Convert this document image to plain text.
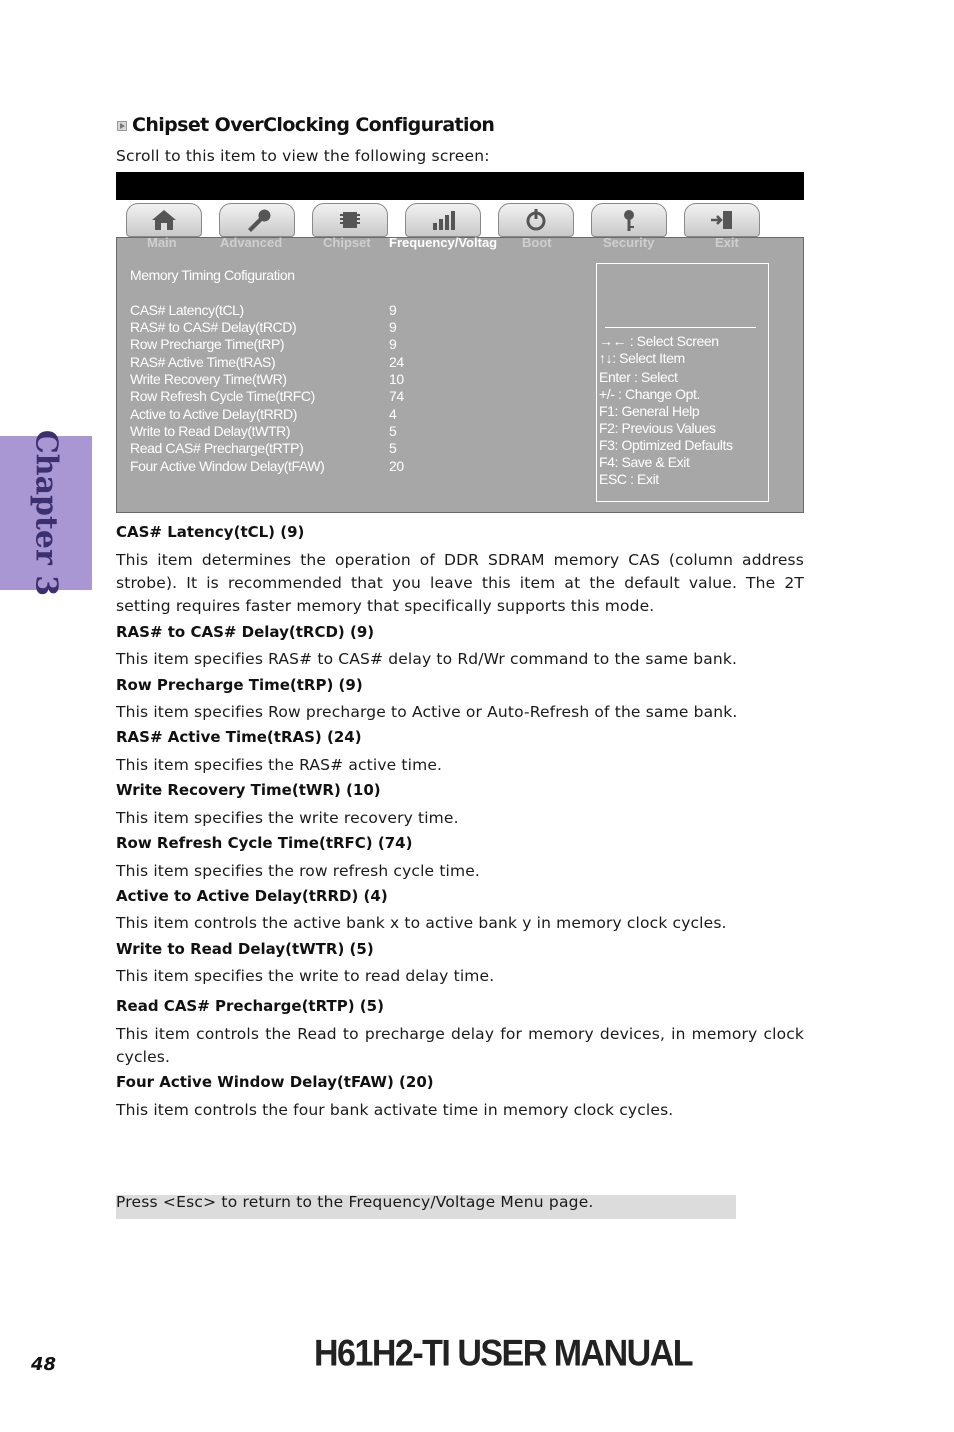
Chipset OverClocking Configuration
Scroll to this item to view the following screen:
Main	Advanced	Chipset Frequency/Voltag Boot	Security	Exit
Memory Timing Cofiguration
CAS# Latency(tCL)	9
RAS# to CAS# Delay(tRCD)	9
Row Precharge Time(tRP)	9
RAS# Active Time(tRAS)	24
Write Recovery Time(tWR)	10
Row Refresh Cycle Time(tRFC)	74
Active to Active Delay(tRRD)	4
Write to Read Delay(tWTR)	5
Read CAS# Precharge(tRTP)	5
Four Active Window Delay(tFAW)	20
→← : Select Screen
↑↓: Select Item
Enter : Select
+/- : Change Opt.
F1: General Help
F2: Previous Values
F3: Optimized Defaults
F4: Save & Exit
ESC : Exit
CAS# Latency(tCL) (9)
This item determines the operation of DDR SDRAM memory CAS (column address strobe). It is recommended that you leave this item at the default value. The 2T setting requires faster memory that specifically supports this mode.
RAS# to CAS# Delay(tRCD) (9)
This item specifies RAS# to CAS# delay to Rd/Wr command to the same bank.
Row Precharge Time(tRP) (9)
This item specifies Row precharge to Active or Auto-Refresh of the same bank.
RAS# Active Time(tRAS) (24)
This item specifies the RAS# active time.
Write Recovery Time(tWR) (10)
This item specifies the write recovery time.
Row Refresh Cycle Time(tRFC) (74)
This item specifies the row refresh cycle time.
Active to Active Delay(tRRD) (4)
This item controls the active bank x to active bank y in memory clock cycles.
Write to Read Delay(tWTR) (5)
This item specifies the write to read delay time.
Read CAS# Precharge(tRTP) (5)
This item controls the Read to precharge delay for memory devices, in memory clock cycles.
Four Active Window Delay(tFAW) (20)
This item controls the four bank activate time in memory clock cycles.
Press <Esc> to return to the Frequency/Voltage Menu page.
Chapter 3
48	H61H2-TI USER MANUAL
